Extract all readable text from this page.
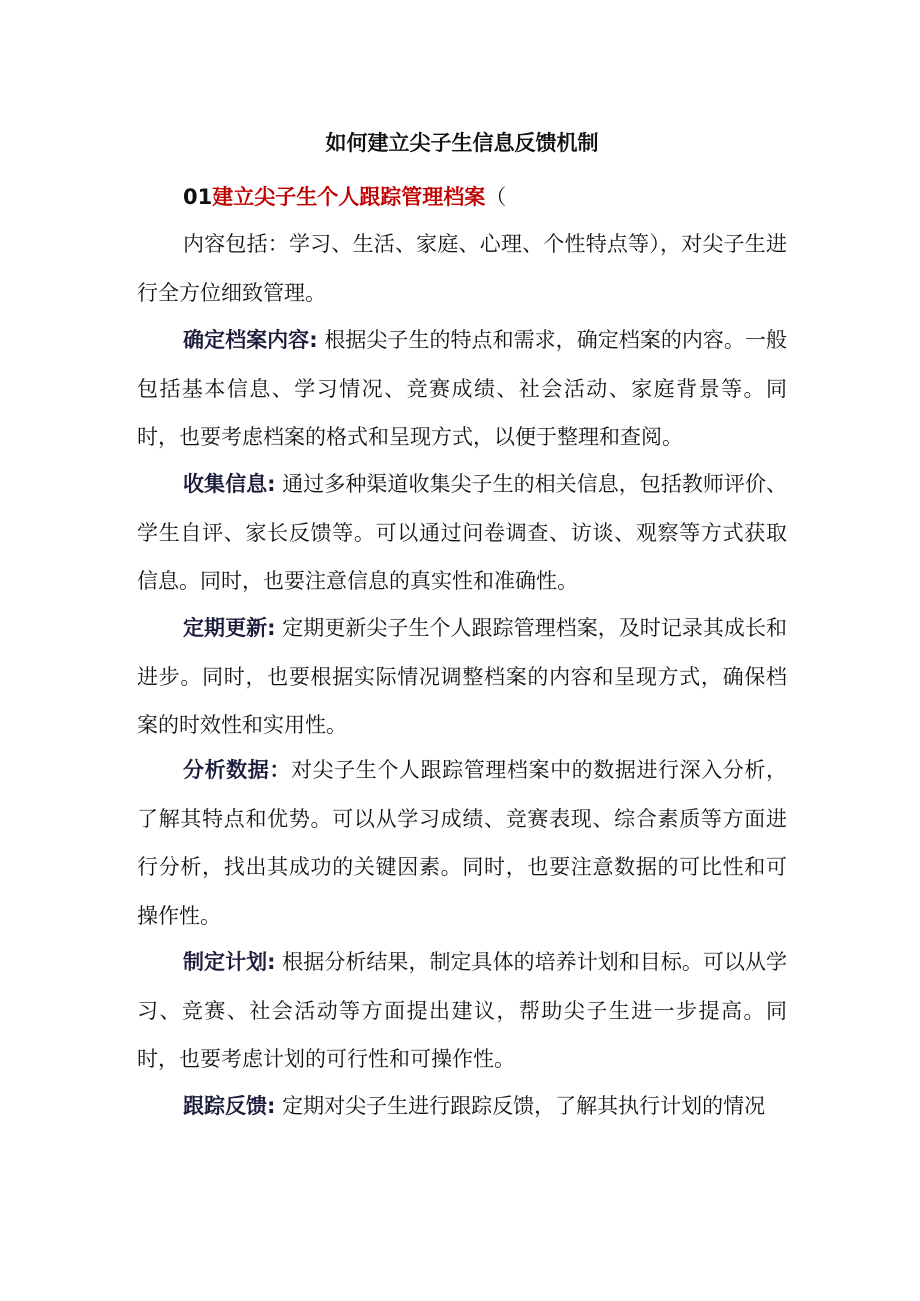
如何建立尖子生信息反馈机制

01建立尖子生个人跟踪管理档案（

内容包括：学习、生活、家庭、心理、个性特点等），对尖子生进行全方位细致管理。

确定档案内容: 根据尖子生的特点和需求，确定档案的内容。一般包括基本信息、学习情况、竞赛成绩、社会活动、家庭背景等。同时，也要考虑档案的格式和呈现方式，以便于整理和查阅。

收集信息: 通过多种渠道收集尖子生的相关信息，包括教师评价、学生自评、家长反馈等。可以通过问卷调查、访谈、观察等方式获取信息。同时，也要注意信息的真实性和准确性。

定期更新: 定期更新尖子生个人跟踪管理档案，及时记录其成长和进步。同时，也要根据实际情况调整档案的内容和呈现方式，确保档案的时效性和实用性。

分析数据：对尖子生个人跟踪管理档案中的数据进行深入分析，了解其特点和优势。可以从学习成绩、竞赛表现、综合素质等方面进行分析，找出其成功的关键因素。同时，也要注意数据的可比性和可操作性。

制定计划: 根据分析结果，制定具体的培养计划和目标。可以从学习、竞赛、社会活动等方面提出建议，帮助尖子生进一步提高。同时，也要考虑计划的可行性和可操作性。

跟踪反馈: 定期对尖子生进行跟踪反馈，了解其执行计划的情况
